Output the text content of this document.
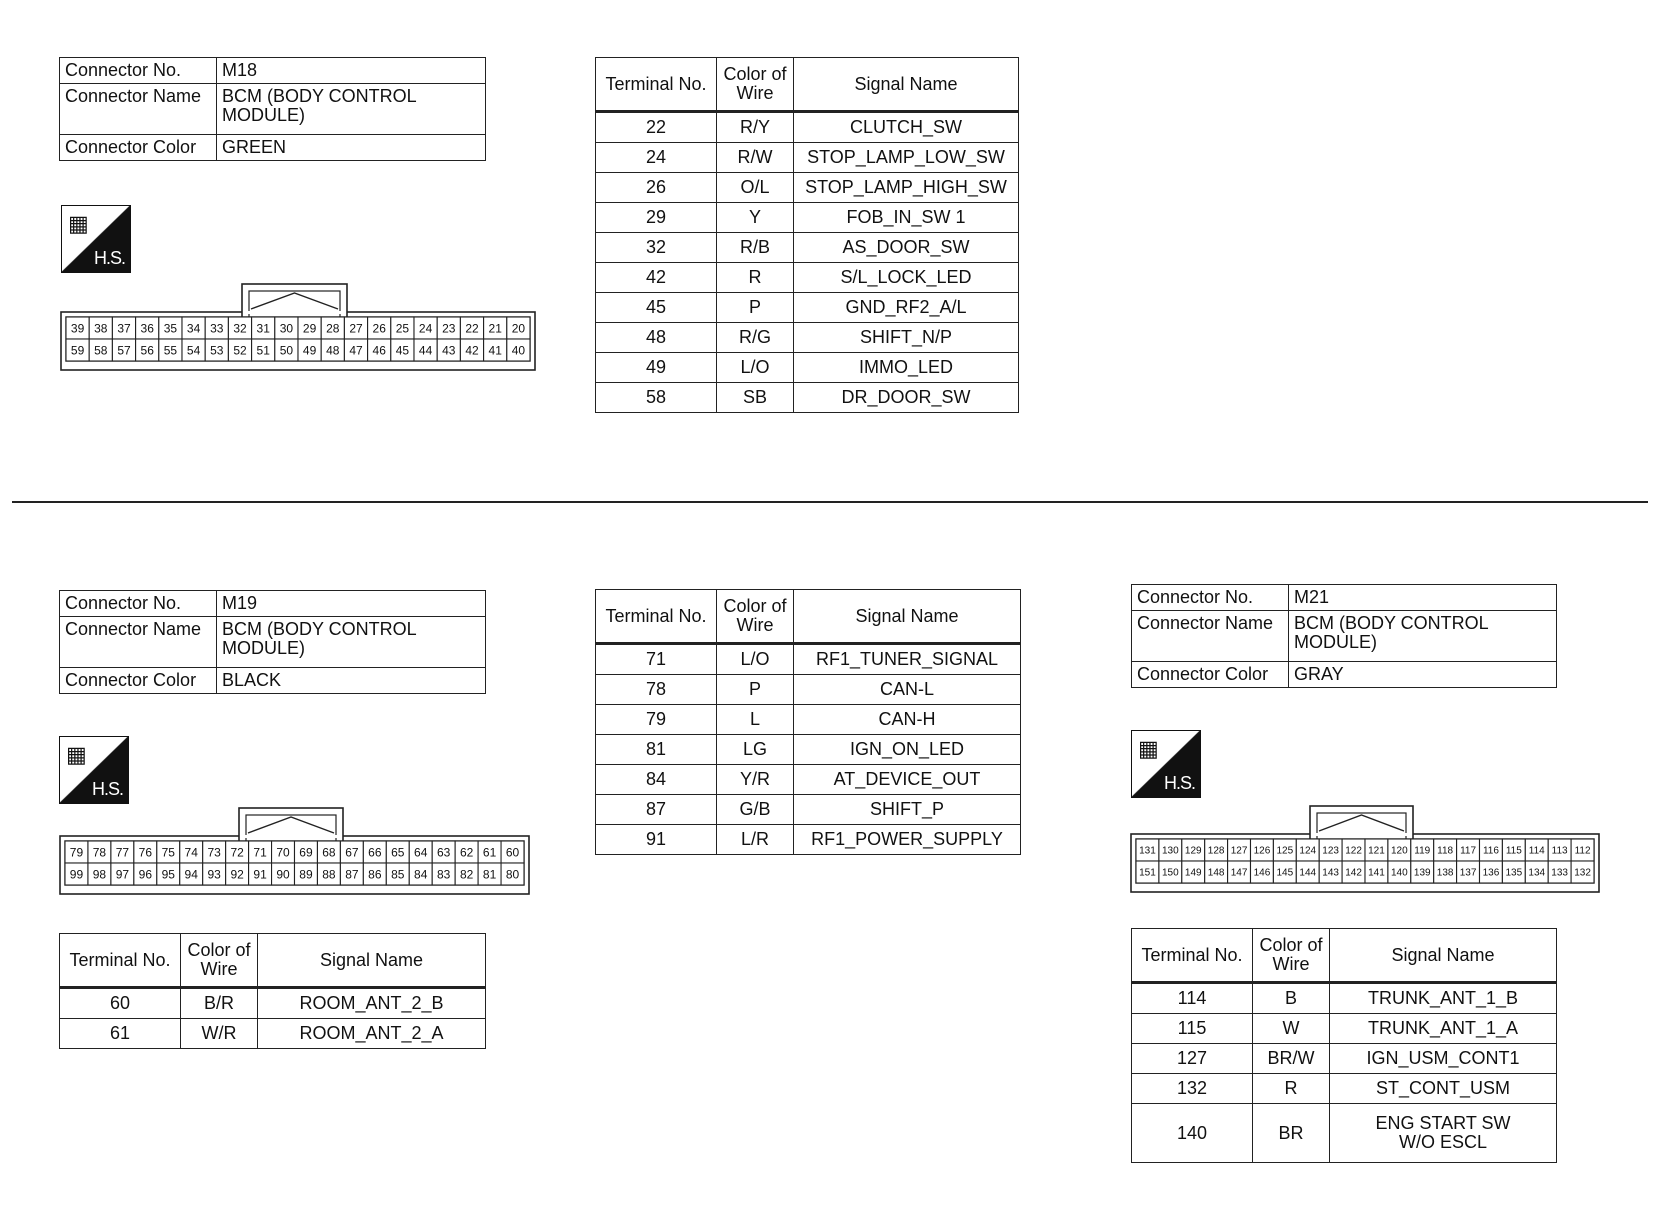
Connector No.	M18
Connector Name	BCM (BODY CONTROL MODULE)
Connector Color	GREEN
▦
H.S.
39 38 37 36 35 34 33 32 31 30 29 28 27 26 25 24 23 22 21 20
59 58 57 56 55 54 53 52 51 50 49 48 47 46 45 44 43 42 41 40
Terminal No.	Color of Wire	Signal Name
22	R/Y	CLUTCH_SW
24	R/W	STOP_LAMP_LOW_SW
26	O/L	STOP_LAMP_HIGH_SW
29	Y	FOB_IN_SW 1
32	R/B	AS_DOOR_SW
42	R	S/L_LOCK_LED
45	P	GND_RF2_A/L
48	R/G	SHIFT_N/P
49	L/O	IMMO_LED
58	SB	DR_DOOR_SW
Connector No.	M19
Connector Name	BCM (BODY CONTROL MODULE)
Connector Color	BLACK
▦
H.S.
79 78 77 76 75 74 73 72 71 70 69 68 67 66 65 64 63 62 61 60
99 98 97 96 95 94 93 92 91 90 89 88 87 86 85 84 83 82 81 80
Terminal No.	Color of Wire	Signal Name
71	L/O	RF1_TUNER_SIGNAL
78	P	CAN-L
79	L	CAN-H
81	LG	IGN_ON_LED
84	Y/R	AT_DEVICE_OUT
87	G/B	SHIFT_P
91	L/R	RF1_POWER_SUPPLY
Terminal No.	Color of Wire	Signal Name
60	B/R	ROOM_ANT_2_B
61	W/R	ROOM_ANT_2_A
Connector No.	M21
Connector Name	BCM (BODY CONTROL MODULE)
Connector Color	GRAY
▦
H.S.
131 130 129 128 127 126 125 124 123 122 121 120 119 118 117 116 115 114 113 112
151 150 149 148 147 146 145 144 143 142 141 140 139 138 137 136 135 134 133 132
Terminal No.	Color of Wire	Signal Name
114	B	TRUNK_ANT_1_B
115	W	TRUNK_ANT_1_A
127	BR/W	IGN_USM_CONT1
132	R	ST_CONT_USM
140	BR	ENG START SW W/O ESCL
